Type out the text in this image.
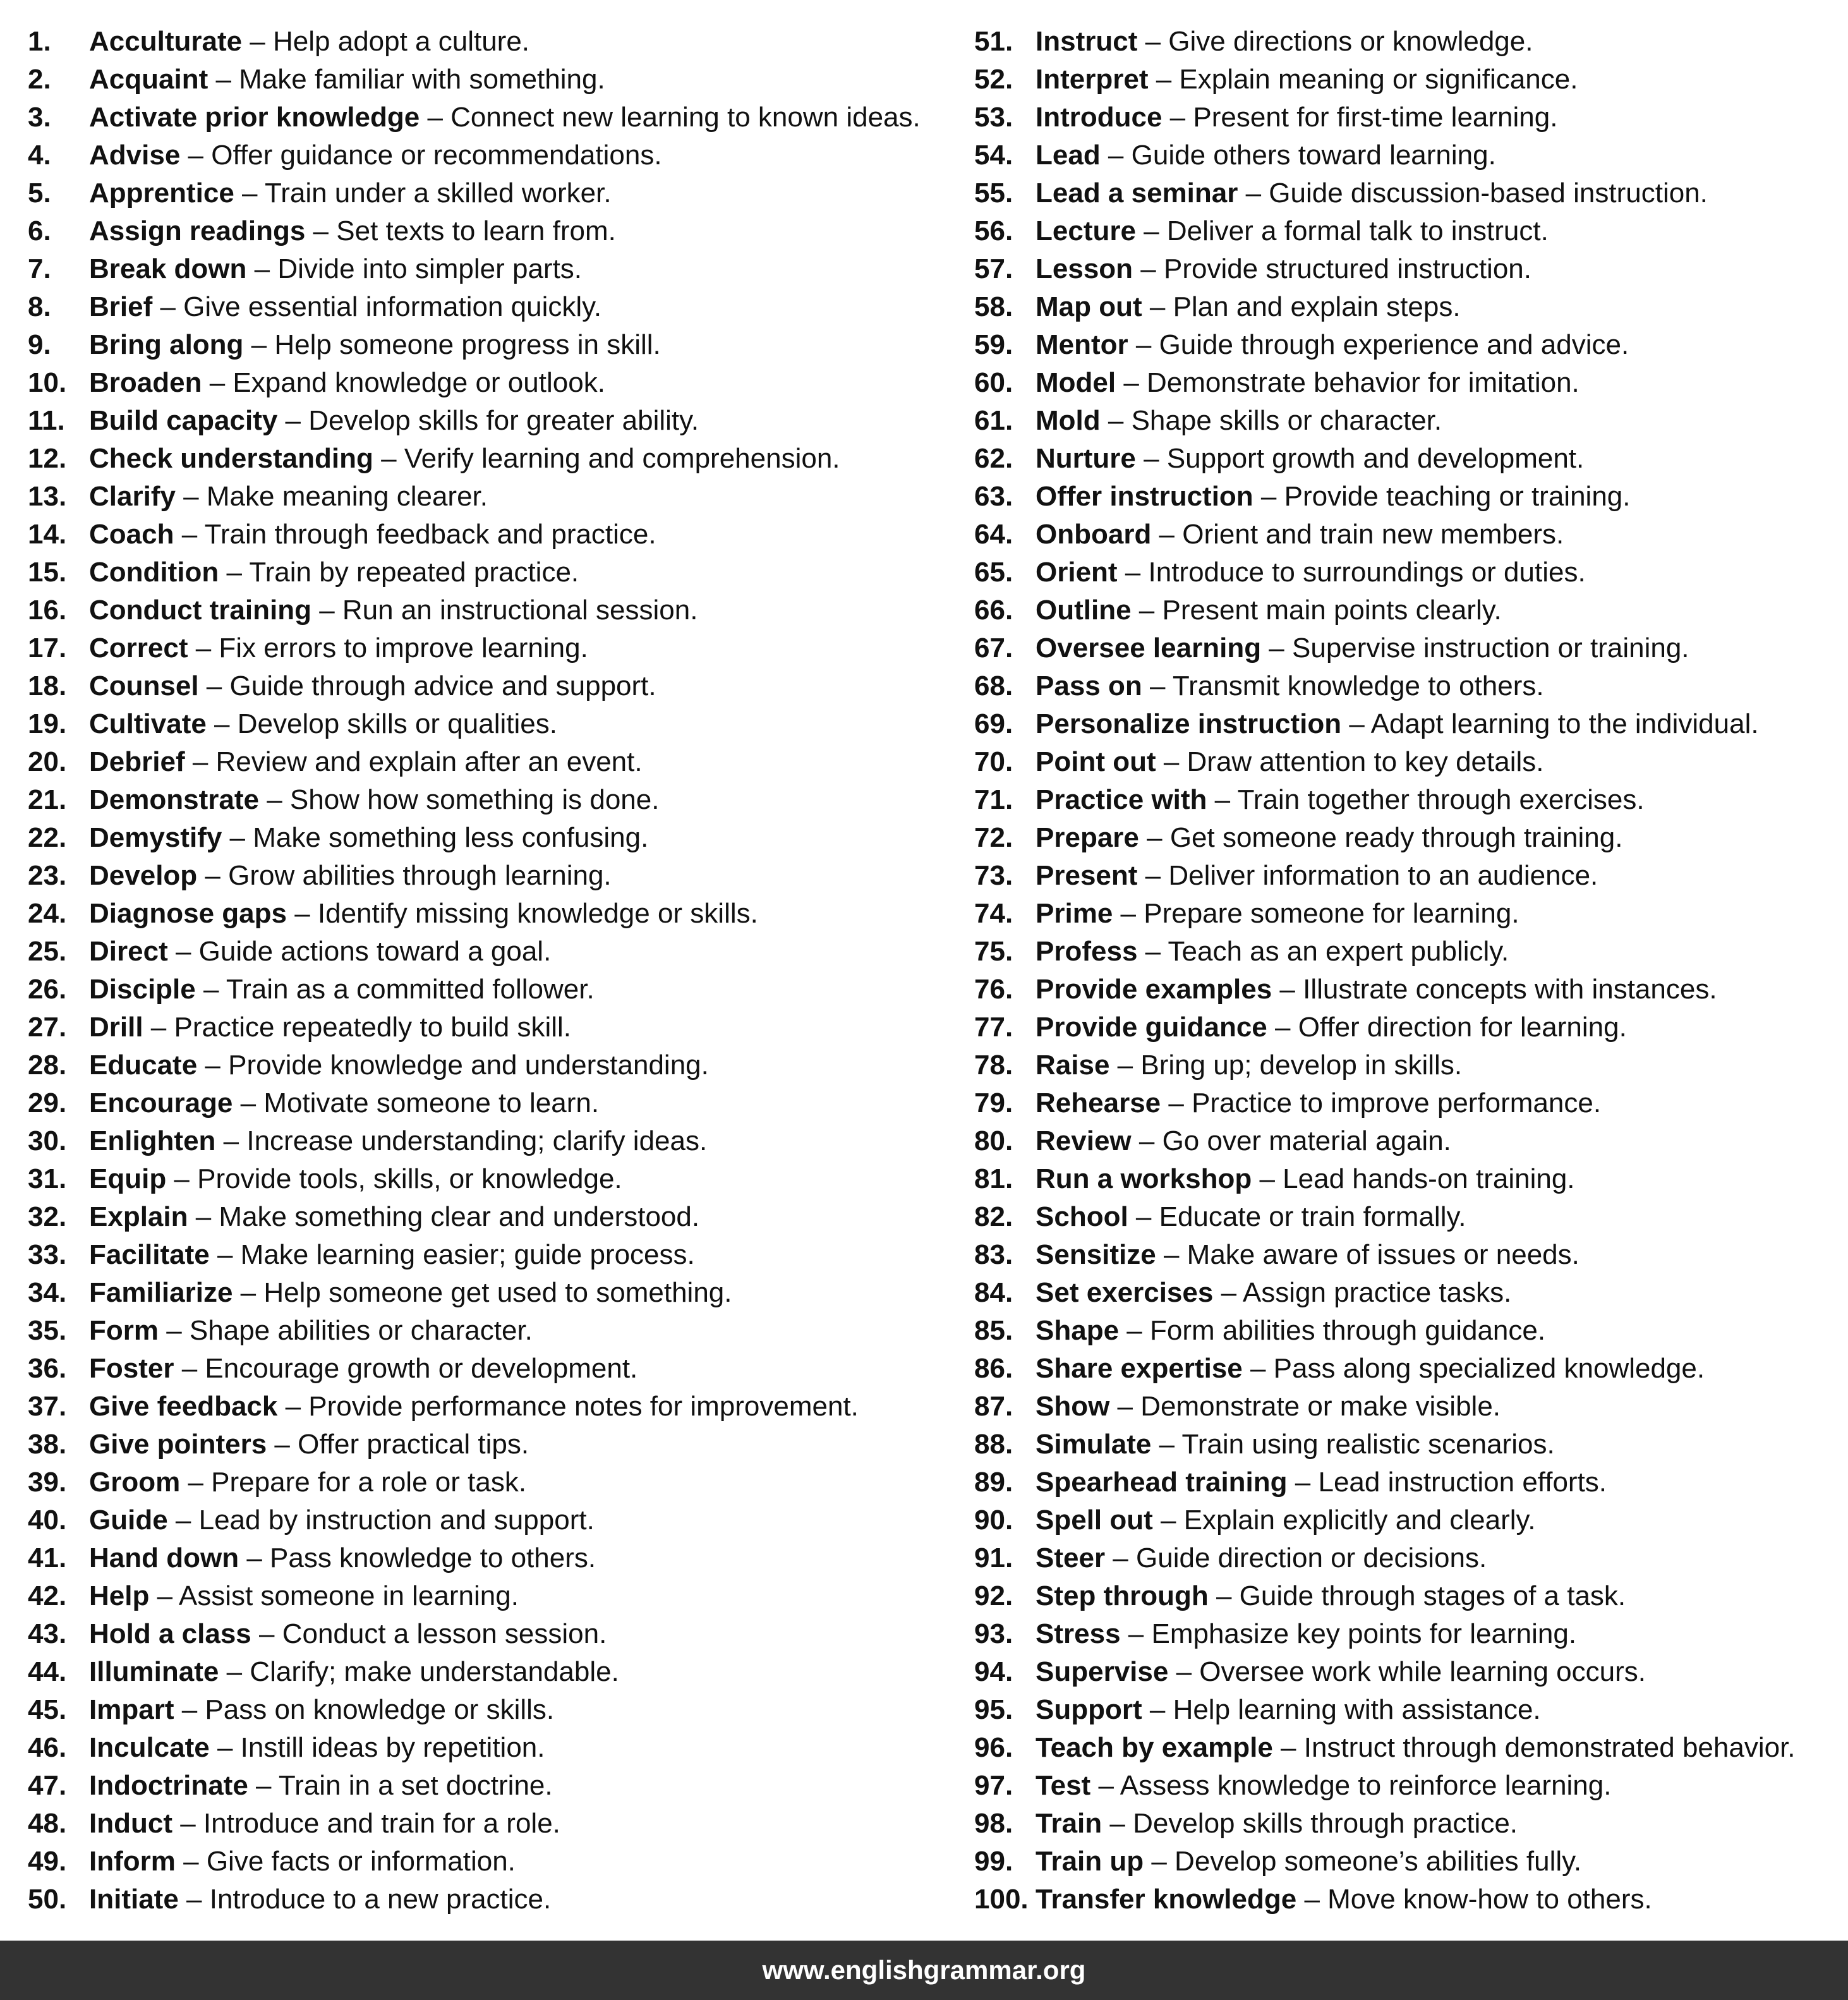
1. Acculturate – Help adopt a culture.
2. Acquaint – Make familiar with something.
3. Activate prior knowledge – Connect new learning to known ideas.
4. Advise – Offer guidance or recommendations.
5. Apprentice – Train under a skilled worker.
6. Assign readings – Set texts to learn from.
7. Break down – Divide into simpler parts.
8. Brief – Give essential information quickly.
9. Bring along – Help someone progress in skill.
10. Broaden – Expand knowledge or outlook.
11. Build capacity – Develop skills for greater ability.
12. Check understanding – Verify learning and comprehension.
13. Clarify – Make meaning clearer.
14. Coach – Train through feedback and practice.
15. Condition – Train by repeated practice.
16. Conduct training – Run an instructional session.
17. Correct – Fix errors to improve learning.
18. Counsel – Guide through advice and support.
19. Cultivate – Develop skills or qualities.
20. Debrief – Review and explain after an event.
21. Demonstrate – Show how something is done.
22. Demystify – Make something less confusing.
23. Develop – Grow abilities through learning.
24. Diagnose gaps – Identify missing knowledge or skills.
25. Direct – Guide actions toward a goal.
26. Disciple – Train as a committed follower.
27. Drill – Practice repeatedly to build skill.
28. Educate – Provide knowledge and understanding.
29. Encourage – Motivate someone to learn.
30. Enlighten – Increase understanding; clarify ideas.
31. Equip – Provide tools, skills, or knowledge.
32. Explain – Make something clear and understood.
33. Facilitate – Make learning easier; guide process.
34. Familiarize – Help someone get used to something.
35. Form – Shape abilities or character.
36. Foster – Encourage growth or development.
37. Give feedback – Provide performance notes for improvement.
38. Give pointers – Offer practical tips.
39. Groom – Prepare for a role or task.
40. Guide – Lead by instruction and support.
41. Hand down – Pass knowledge to others.
42. Help – Assist someone in learning.
43. Hold a class – Conduct a lesson session.
44. Illuminate – Clarify; make understandable.
45. Impart – Pass on knowledge or skills.
46. Inculcate – Instill ideas by repetition.
47. Indoctrinate – Train in a set doctrine.
48. Induct – Introduce and train for a role.
49. Inform – Give facts or information.
50. Initiate – Introduce to a new practice.
51. Instruct – Give directions or knowledge.
52. Interpret – Explain meaning or significance.
53. Introduce – Present for first-time learning.
54. Lead – Guide others toward learning.
55. Lead a seminar – Guide discussion-based instruction.
56. Lecture – Deliver a formal talk to instruct.
57. Lesson – Provide structured instruction.
58. Map out – Plan and explain steps.
59. Mentor – Guide through experience and advice.
60. Model – Demonstrate behavior for imitation.
61. Mold – Shape skills or character.
62. Nurture – Support growth and development.
63. Offer instruction – Provide teaching or training.
64. Onboard – Orient and train new members.
65. Orient – Introduce to surroundings or duties.
66. Outline – Present main points clearly.
67. Oversee learning – Supervise instruction or training.
68. Pass on – Transmit knowledge to others.
69. Personalize instruction – Adapt learning to the individual.
70. Point out – Draw attention to key details.
71. Practice with – Train together through exercises.
72. Prepare – Get someone ready through training.
73. Present – Deliver information to an audience.
74. Prime – Prepare someone for learning.
75. Profess – Teach as an expert publicly.
76. Provide examples – Illustrate concepts with instances.
77. Provide guidance – Offer direction for learning.
78. Raise – Bring up; develop in skills.
79. Rehearse – Practice to improve performance.
80. Review – Go over material again.
81. Run a workshop – Lead hands-on training.
82. School – Educate or train formally.
83. Sensitize – Make aware of issues or needs.
84. Set exercises – Assign practice tasks.
85. Shape – Form abilities through guidance.
86. Share expertise – Pass along specialized knowledge.
87. Show – Demonstrate or make visible.
88. Simulate – Train using realistic scenarios.
89. Spearhead training – Lead instruction efforts.
90. Spell out – Explain explicitly and clearly.
91. Steer – Guide direction or decisions.
92. Step through – Guide through stages of a task.
93. Stress – Emphasize key points for learning.
94. Supervise – Oversee work while learning occurs.
95. Support – Help learning with assistance.
96. Teach by example – Instruct through demonstrated behavior.
97. Test – Assess knowledge to reinforce learning.
98. Train – Develop skills through practice.
99. Train up – Develop someone’s abilities fully.
100. Transfer knowledge – Move know-how to others.
www.englishgrammar.org
